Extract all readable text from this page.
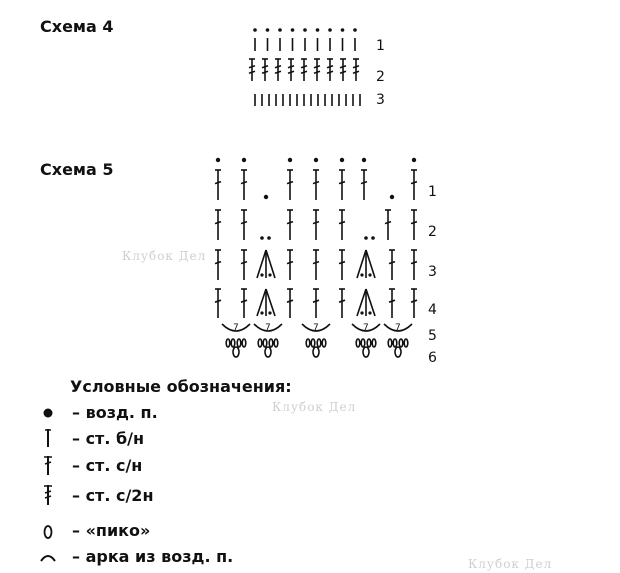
Схема 4
Схема 5
Клубок Дел
Клубок Дел
Клубок Дел
7	7	7	7	7
1
2
3
1
2
3
4
5
6
Условные обозначения:
– возд. п.
– ст. б/н
– ст. с/н
– ст. с/2н
– «пико»
– арка из возд. п.
